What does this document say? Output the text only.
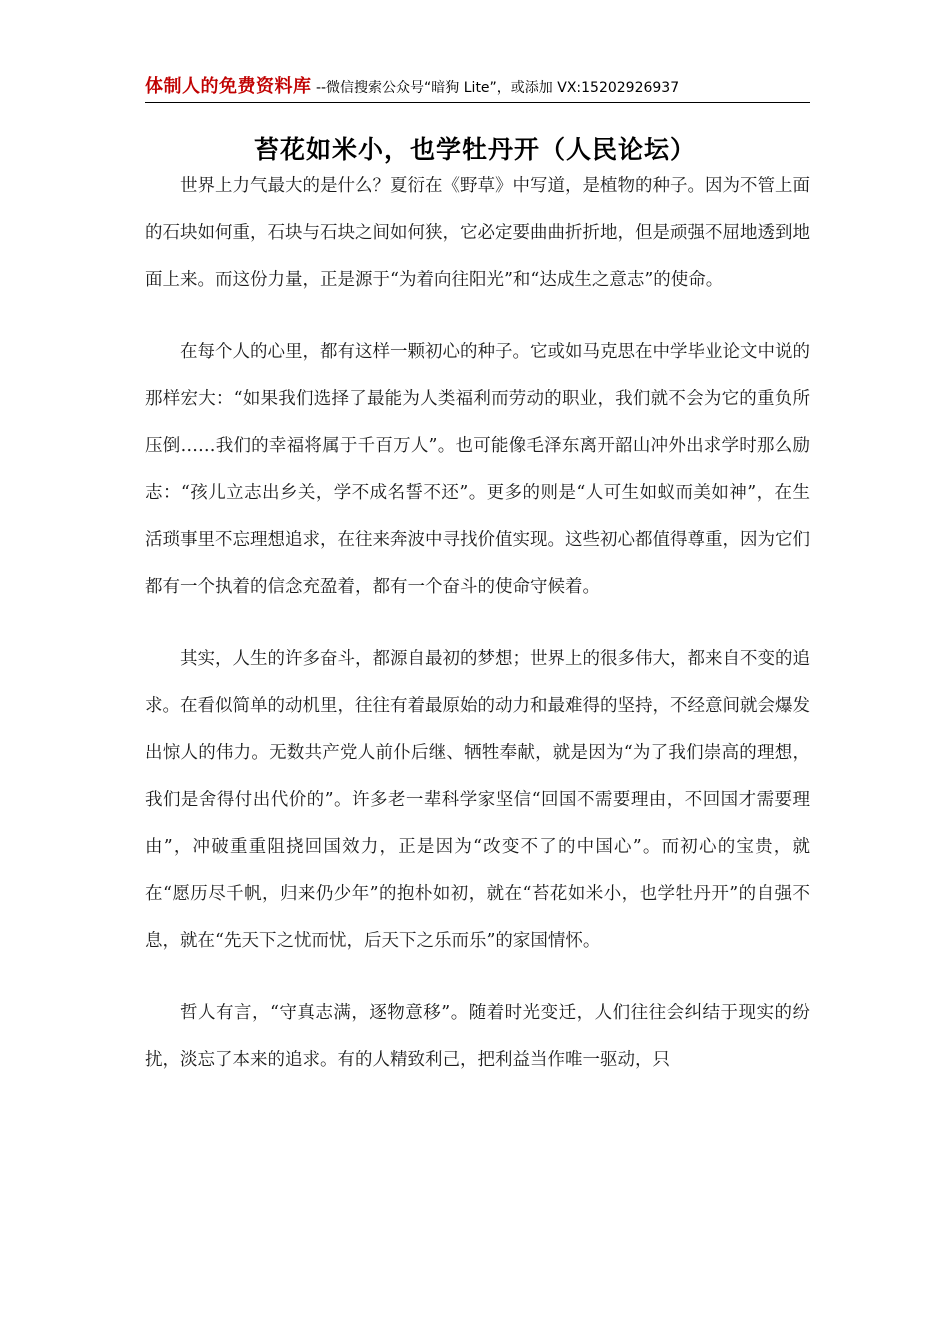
体制人的免费资料库 --微信搜索公众号“暗狗 Lite”，或添加 VX:15202926937
苔花如米小，也学牡丹开（人民论坛）

世界上力气最大的是什么？夏衍在《野草》中写道，是植物的种子。因为不管上面的石块如何重，石块与石块之间如何狭，它必定要曲曲折折地，但是顽强不屈地透到地面上来。而这份力量，正是源于“为着向往阳光”和“达成生之意志”的使命。

在每个人的心里，都有这样一颗初心的种子。它或如马克思在中学毕业论文中说的那样宏大：“如果我们选择了最能为人类福利而劳动的职业，我们就不会为它的重负所压倒……我们的幸福将属于千百万人”。也可能像毛泽东离开韶山冲外出求学时那么励志：“孩儿立志出乡关，学不成名誓不还”。更多的则是“人可生如蚁而美如神”，在生活琐事里不忘理想追求，在往来奔波中寻找价值实现。这些初心都值得尊重，因为它们都有一个执着的信念充盈着，都有一个奋斗的使命守候着。

其实，人生的许多奋斗，都源自最初的梦想；世界上的很多伟大，都来自不变的追求。在看似简单的动机里，往往有着最原始的动力和最难得的坚持，不经意间就会爆发出惊人的伟力。无数共产党人前仆后继、牺牲奉献，就是因为“为了我们崇高的理想，我们是舍得付出代价的”。许多老一辈科学家坚信“回国不需要理由，不回国才需要理由”，冲破重重阻挠回国效力，正是因为“改变不了的中国心”。而初心的宝贵，就在“愿历尽千帆，归来仍少年”的抱朴如初，就在“苔花如米小，也学牡丹开”的自强不息，就在“先天下之忧而忧，后天下之乐而乐”的家国情怀。

哲人有言，“守真志满，逐物意移”。随着时光变迁，人们往往会纠结于现实的纷扰，淡忘了本来的追求。有的人精致利己，把利益当作唯一驱动，只
